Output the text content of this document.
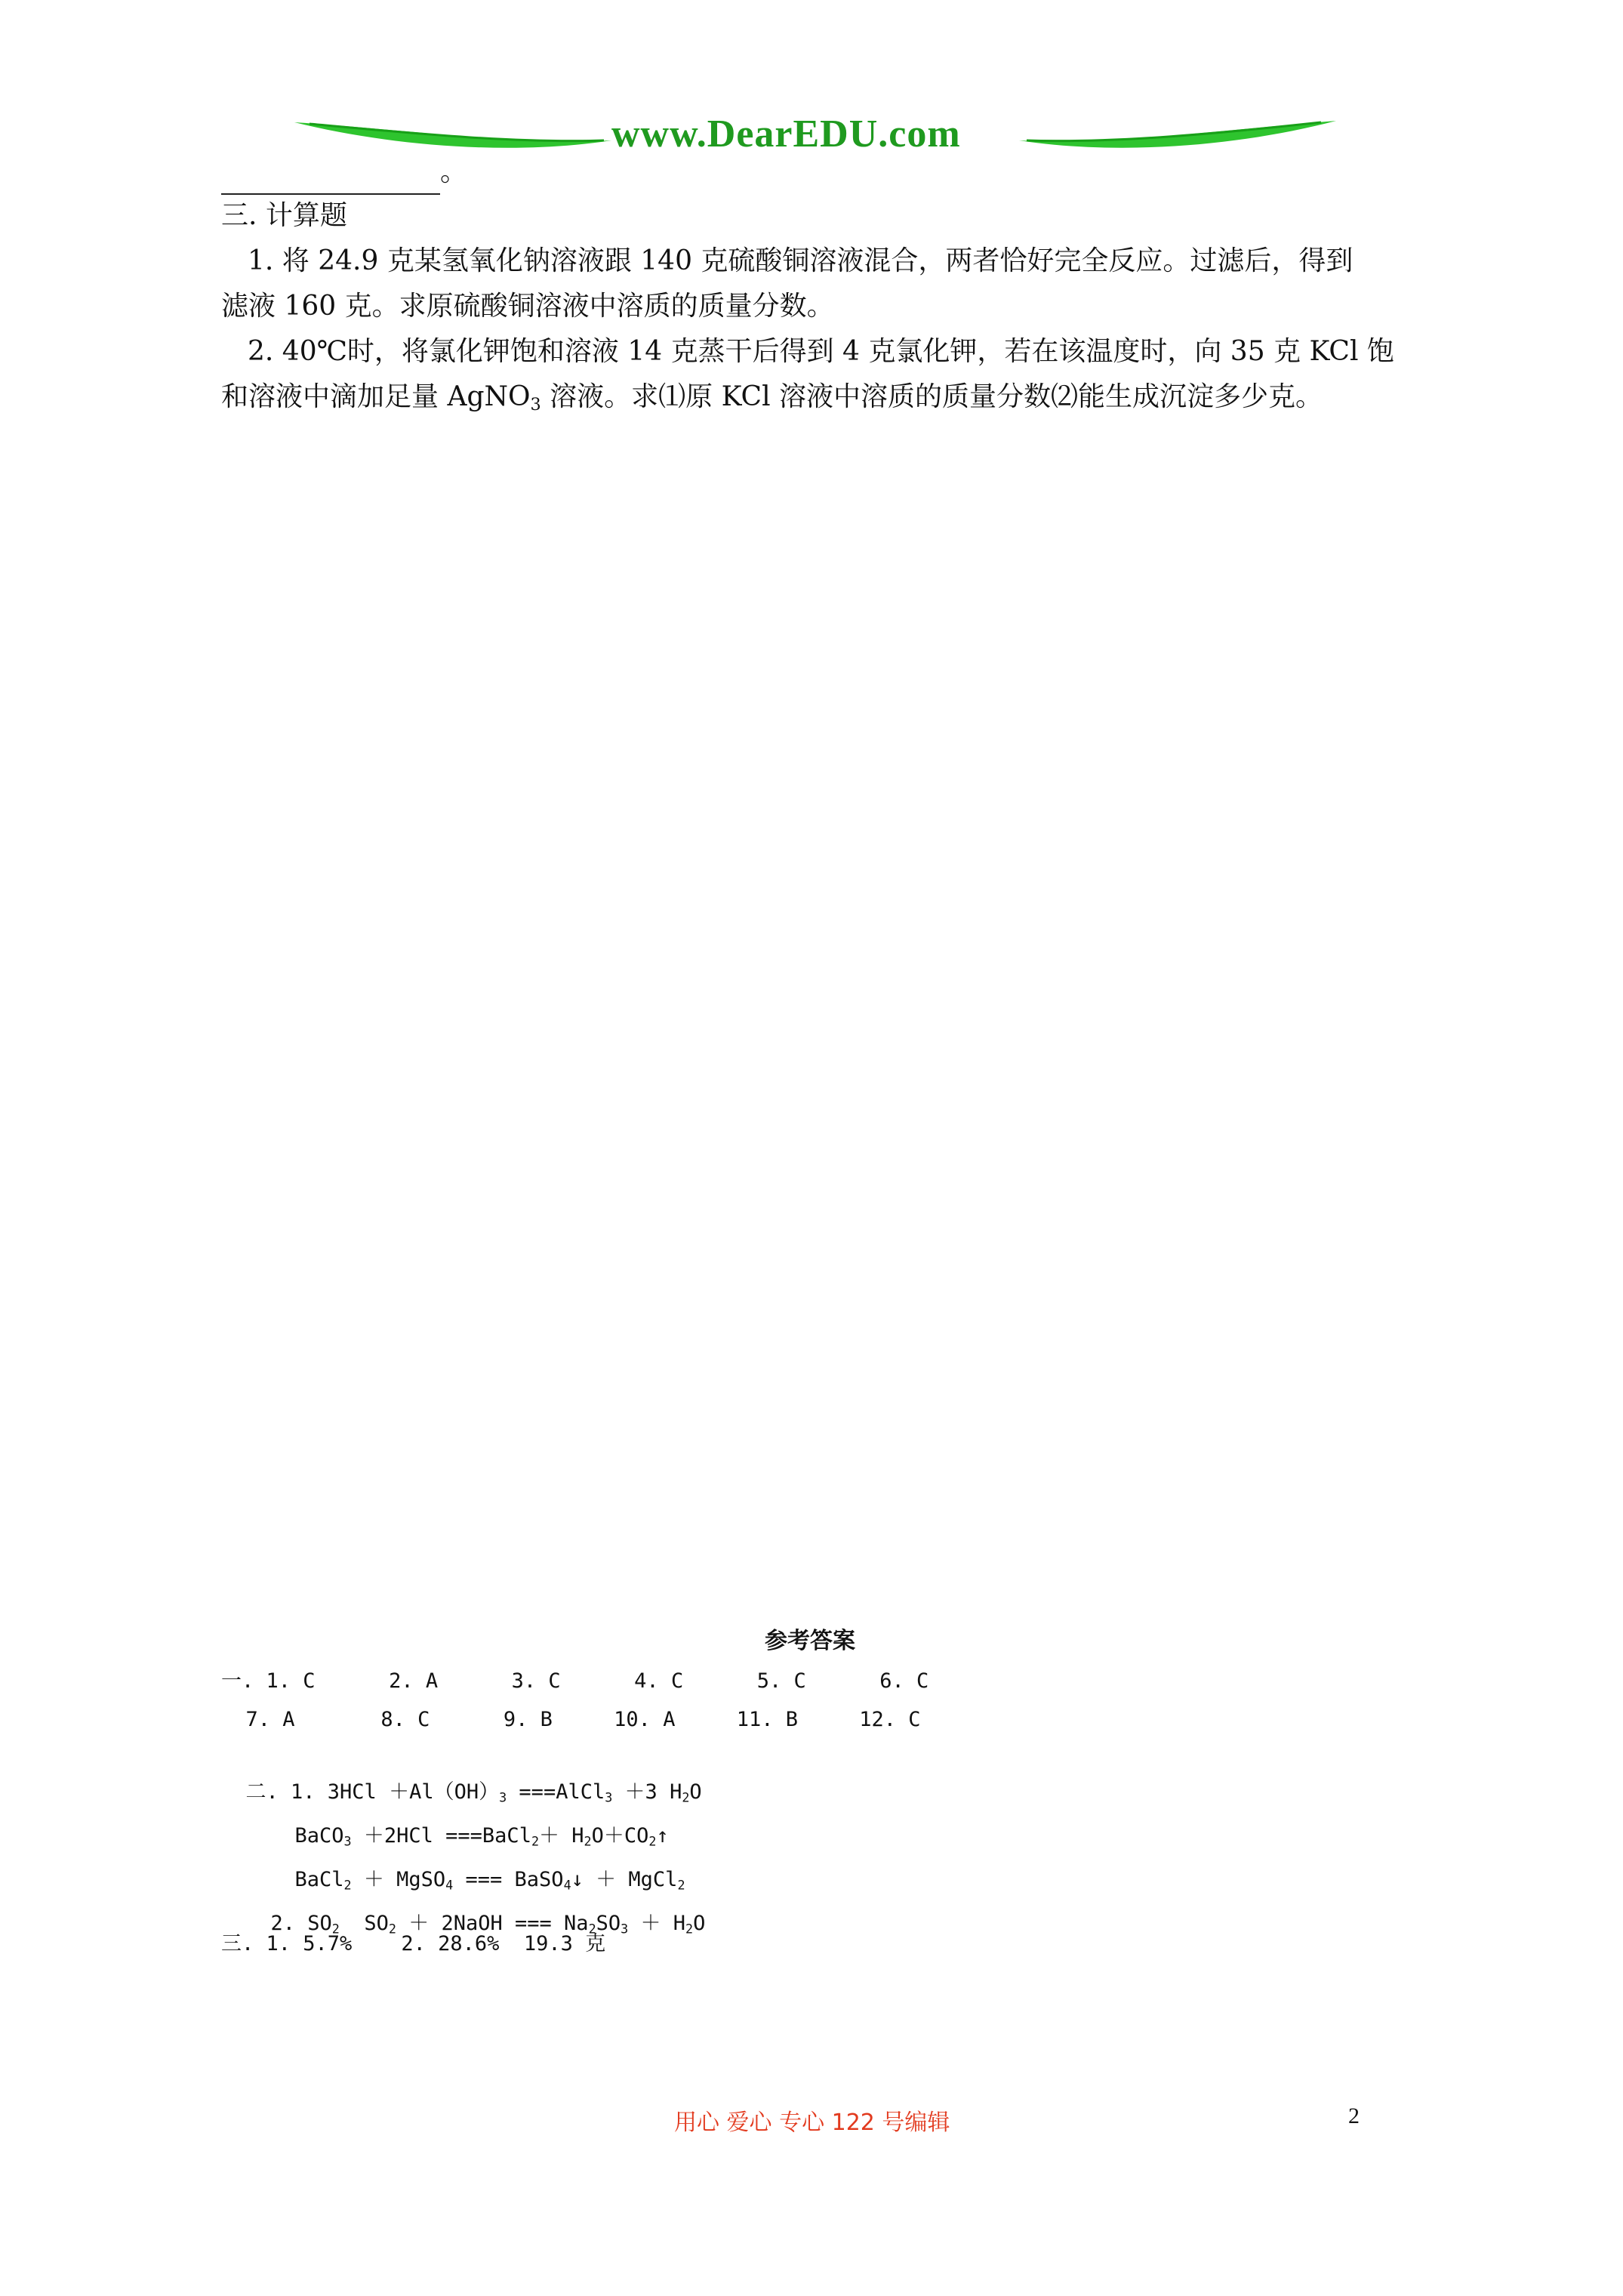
www.DearEDU.com
。
三. 计算题
1. 将 24.9 克某氢氧化钠溶液跟 140 克硫酸铜溶液混合，两者恰好完全反应。过滤后，得到
滤液 160 克。求原硫酸铜溶液中溶质的质量分数。
2. 40℃时，将氯化钾饱和溶液 14 克蒸干后得到 4 克氯化钾，若在该温度时，向 35 克 KCl 饱
和溶液中滴加足量 AgNO$_3$ 溶液。求⑴原 KCl 溶液中溶质的质量分数⑵能生成沉淀多少克。
参考答案
一. 1. C      2. A      3. C      4. C      5. C      6. C
7. A       8. C      9. B     10. A     11. B     12. C

二. 1. $3HCl +Al(OH)_3$ ===AlCl$_3$ ＋3 $H_2O$

BaCO$_3$ ＋2HCl ===BaCl$_2$＋ $H_2O+CO_2↑$

BaCl$_2$ ＋ MgSO$_4$ === BaSO$_4$↓ ＋ MgCl$_2$

2. $SO_2$  $SO_2$ ＋ 2NaOH === $Na_2SO_3 + H_2O$

三. 1. 5.7%    2. 28.6%  19.3 克
用心 爱心 专心 122 号编辑	2
